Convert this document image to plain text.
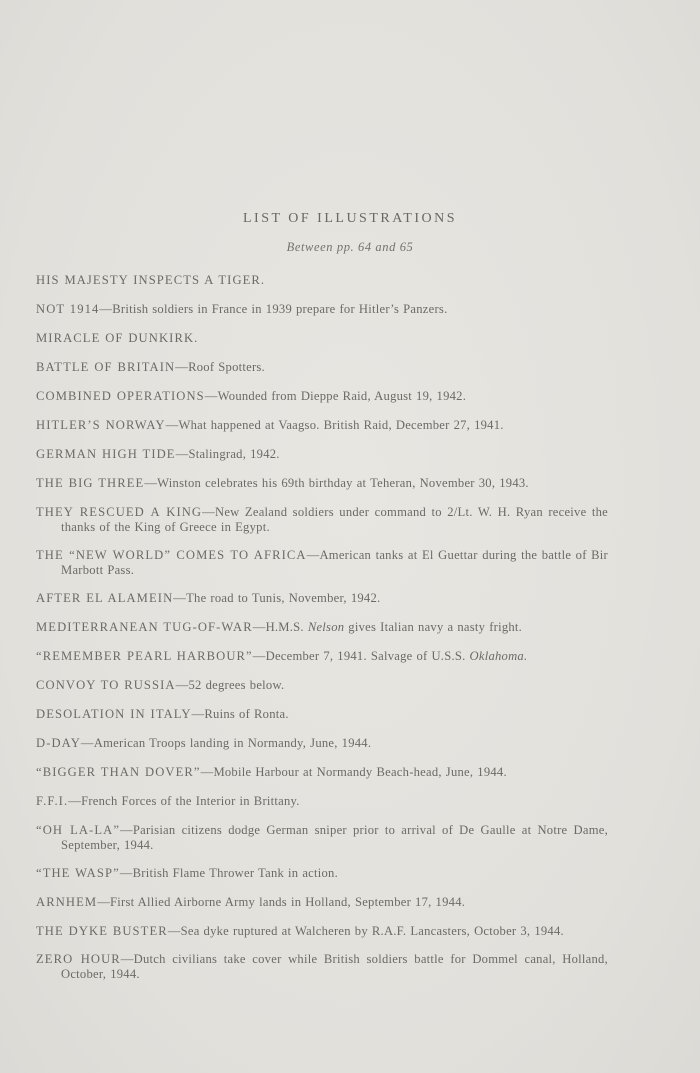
LIST OF ILLUSTRATIONS
Between pp. 64 and 65
HIS MAJESTY INSPECTS A TIGER.
NOT 1914—British soldiers in France in 1939 prepare for Hitler’s Panzers.
MIRACLE OF DUNKIRK.
BATTLE OF BRITAIN—Roof Spotters.
COMBINED OPERATIONS—Wounded from Dieppe Raid, August 19, 1942.
HITLER’S NORWAY—What happened at Vaagso. British Raid, December 27, 1941.
GERMAN HIGH TIDE—Stalingrad, 1942.
THE BIG THREE—Winston celebrates his 69th birthday at Teheran, November 30, 1943.
THEY RESCUED A KING—New Zealand soldiers under command to 2/Lt. W. H. Ryan receive the thanks of the King of Greece in Egypt.
THE “NEW WORLD” COMES TO AFRICA—American tanks at El Guettar during the battle of Bir Marbott Pass.
AFTER EL ALAMEIN—The road to Tunis, November, 1942.
MEDITERRANEAN TUG-OF-WAR—H.M.S. Nelson gives Italian navy a nasty fright.
“REMEMBER PEARL HARBOUR”—December 7, 1941. Salvage of U.S.S. Oklahoma.
CONVOY TO RUSSIA—52 degrees below.
DESOLATION IN ITALY—Ruins of Ronta.
D-DAY—American Troops landing in Normandy, June, 1944.
“BIGGER THAN DOVER”—Mobile Harbour at Normandy Beach-head, June, 1944.
F.F.I.—French Forces of the Interior in Brittany.
“OH LA-LA”—Parisian citizens dodge German sniper prior to arrival of De Gaulle at Notre Dame, September, 1944.
“THE WASP”—British Flame Thrower Tank in action.
ARNHEM—First Allied Airborne Army lands in Holland, September 17, 1944.
THE DYKE BUSTER—Sea dyke ruptured at Walcheren by R.A.F. Lancasters, October 3, 1944.
ZERO HOUR—Dutch civilians take cover while British soldiers battle for Dommel canal, Holland, October, 1944.
